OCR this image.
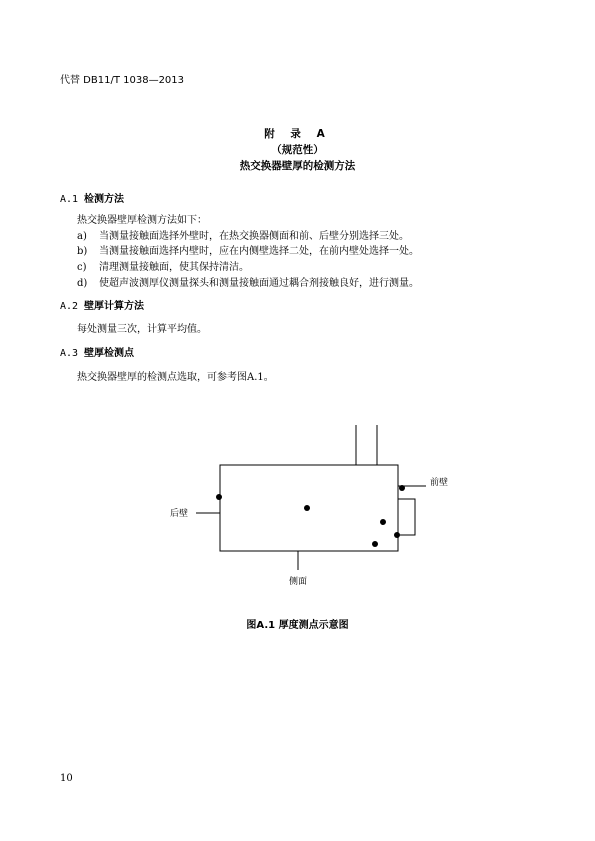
代替 DB11/T 1038—2013
附 录 A
（规范性）
热交换器壁厚的检测方法
A.1 检测方法
热交换器壁厚检测方法如下：
a) 当测量接触面选择外壁时，在热交换器侧面和前、后壁分别选择三处。
b) 当测量接触面选择内壁时，应在内侧壁选择二处，在前内壁处选择一处。
c) 清理测量接触面，使其保持清洁。
d) 使超声波测厚仪测量探头和测量接触面通过耦合剂接触良好，进行测量。
A.2 壁厚计算方法
每处测量三次，计算平均值。
A.3 壁厚检测点
热交换器壁厚的检测点选取，可参考图A.1。
前壁
后壁
侧面
图A.1 厚度测点示意图
10
